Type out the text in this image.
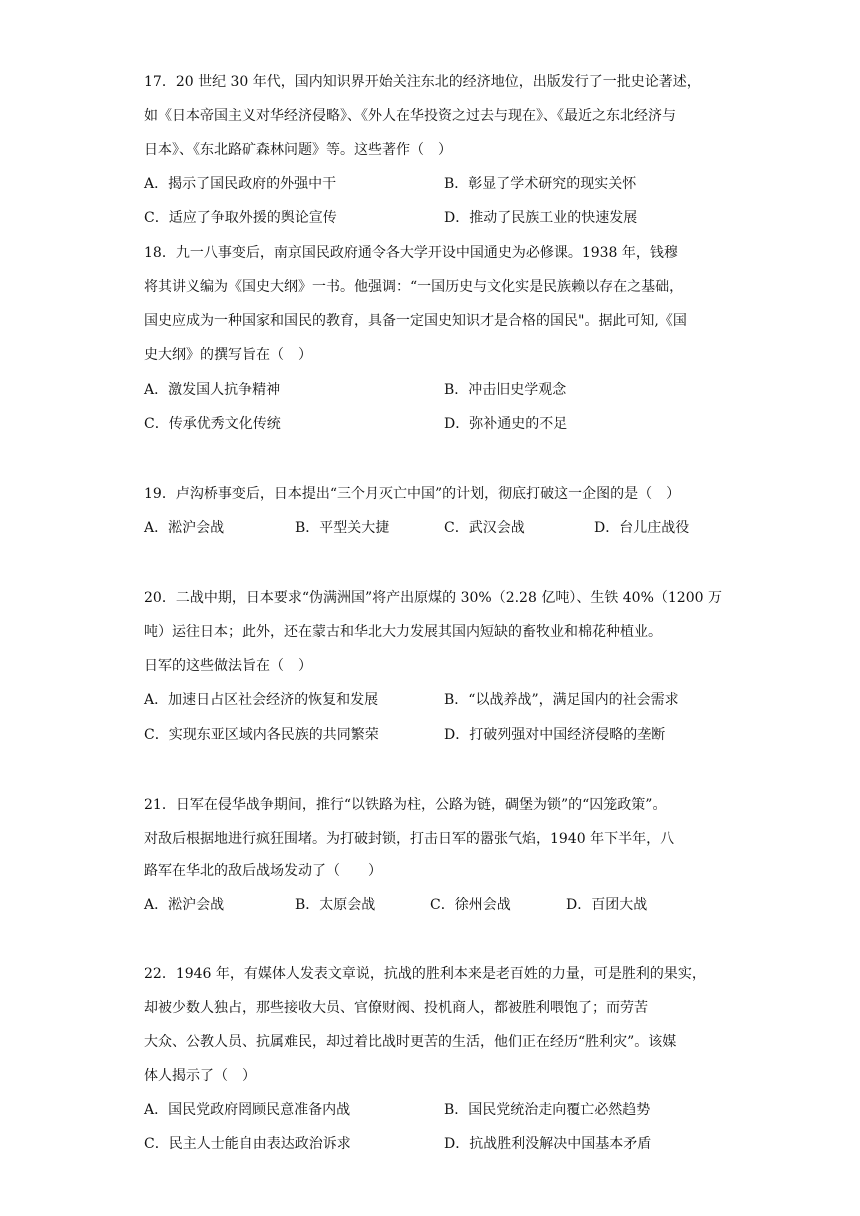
17．20 世纪 30 年代，国内知识界开始关注东北的经济地位，出版发行了一批史论著述，
如《日本帝国主义对华经济侵略》、《外人在华投资之过去与现在》、《最近之东北经济与
日本》、《东北路矿森林问题》等。这些著作（　）
A．揭示了国民政府的外强中干	B．彰显了学术研究的现实关怀
C．适应了争取外援的舆论宣传	D．推动了民族工业的快速发展
18．九一八事变后，南京国民政府通令各大学开设中国通史为必修课。1938 年，钱穆
将其讲义编为《国史大纲》一书。他强调：“一国历史与文化实是民族赖以存在之基础，
国史应成为一种国家和国民的教育，具备一定国史知识才是合格的国民"。据此可知,《国
史大纲》的撰写旨在（　）
A．激发国人抗争精神	B．冲击旧史学观念
C．传承优秀文化传统	D．弥补通史的不足
19．卢沟桥事变后，日本提出“三个月灭亡中国”的计划，彻底打破这一企图的是（　）
A．淞沪会战	B．平型关大捷	C．武汉会战	D．台儿庄战役
20．二战中期，日本要求“伪满洲国”将产出原煤的 30%（2.28 亿吨）、生铁 40%（1200 万
吨）运往日本；此外，还在蒙古和华北大力发展其国内短缺的畜牧业和棉花种植业。
日军的这些做法旨在（　）
A．加速日占区社会经济的恢复和发展	B．“以战养战”，满足国内的社会需求
C．实现东亚区域内各民族的共同繁荣	D．打破列强对中国经济侵略的垄断
21．日军在侵华战争期间，推行“以铁路为柱，公路为链，碉堡为锁”的“囚笼政策”。
对敌后根据地进行疯狂围堵。为打破封锁，打击日军的嚣张气焰，1940 年下半年，八
路军在华北的敌后战场发动了（　　）
A．淞沪会战	B．太原会战	C．徐州会战	D．百团大战
22．1946 年，有媒体人发表文章说，抗战的胜利本来是老百姓的力量，可是胜利的果实，
却被少数人独占，那些接收大员、官僚财阀、投机商人，都被胜利喂饱了；而劳苦
大众、公教人员、抗属难民，却过着比战时更苦的生活，他们正在经历“胜利灾”。该媒
体人揭示了（　）
A．国民党政府罔顾民意准备内战	B．国民党统治走向覆亡必然趋势
C．民主人士能自由表达政治诉求	D．抗战胜利没解决中国基本矛盾
